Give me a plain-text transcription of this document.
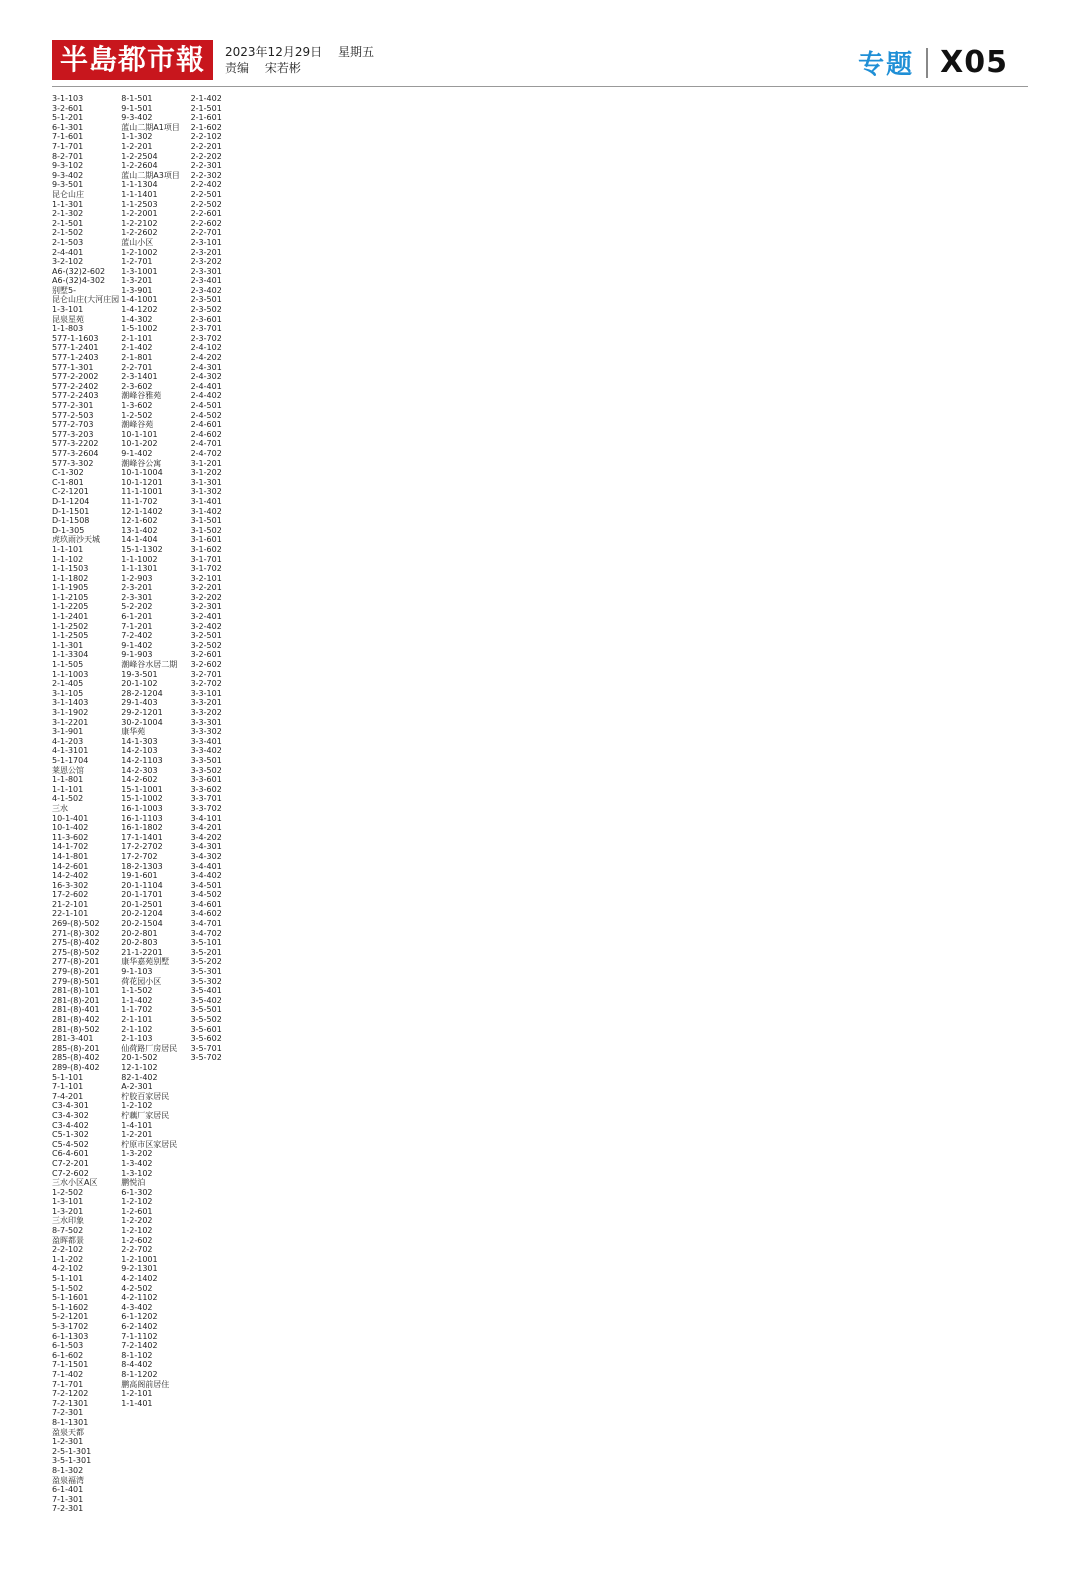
半島都市報	2023年12月29日 星期五
责编 宋若彬	专题 X05
3-1-103
3-2-601
5-1-201
6-1-301
7-1-601
7-1-701
8-2-701
9-3-102
9-3-402
9-3-501
昆仑山庄
1-1-301
2-1-302
2-1-501
2-1-502
2-1-503
2-4-401
3-2-102
A6-(32)2-602
A6-(32)4-302
别墅5-
昆仑山庄(大河庄园
1-3-101
昆泉星苑
1-1-803
577-1-1603
577-1-2401
577-1-2403
577-1-301
577-2-2002
577-2-2402
577-2-2403
577-2-301
577-2-503
577-2-703
577-3-203
577-3-2202
577-3-2604
577-3-302
C-1-302
C-1-801
C-2-1201
D-1-1204
D-1-1501
D-1-1508
D-1-305
虎玖雨沙天城
1-1-101
1-1-102
1-1-1503
1-1-1802
1-1-1905
1-1-2105
1-1-2205
1-1-2401
1-1-2502
1-1-2505
1-1-301
1-1-3304
1-1-505
1-1-1003
2-1-405
3-1-105
3-1-1403
3-1-1902
3-1-2201
3-1-901
4-1-203
4-1-3101
5-1-1704
莱恩公馆
1-1-801
1-1-101
4-1-502
三水
10-1-401
10-1-402
11-3-602
14-1-702
14-1-801
14-2-601
14-2-402
16-3-302
17-2-602
21-2-101
22-1-101
269-(8)-502
271-(8)-302
275-(8)-402
275-(8)-502
277-(8)-201
279-(8)-201
279-(8)-501
281-(8)-101
281-(8)-201
281-(8)-401
281-(8)-402
281-(8)-502
281-3-401
285-(8)-201
285-(8)-402
289-(8)-402
5-1-101
7-1-101
7-4-201
C3-4-301
C3-4-302
C3-4-402
C5-1-302
C5-4-502
C6-4-601
C7-2-201
C7-2-602
三水小区A区
1-2-502
1-3-101
1-3-201
三水印象
8-7-502
盈晖都景
2-2-102
1-1-202
4-2-102
5-1-101
5-1-502
5-1-1601
5-1-1602
5-2-1201
5-3-1702
6-1-1303
6-1-503
6-1-602
7-1-1501
7-1-402
7-1-701
7-2-1202
7-2-1301
7-2-301
8-1-1301
盈泉天都
1-2-301
2-5-1-301
3-5-1-301
8-1-302
盈泉福湾
6-1-401
7-1-301
7-2-301
8-1-501
9-1-501
9-3-402
蓝山二期A1项目
1-1-302
1-2-201
1-2-2504
1-2-2604
蓝山二期A3项目
1-1-1304
1-1-1401
1-1-2503
1-2-2001
1-2-2102
1-2-2602
蓝山小区
1-2-1002
1-2-701
1-3-1001
1-3-201
1-3-901
1-4-1001
1-4-1202
1-4-302
1-5-1002
2-1-101
2-1-402
2-1-801
2-2-701
2-3-1401
2-3-602
潮峰谷雅苑
1-3-602
1-2-502
潮峰谷苑
10-1-101
10-1-202
9-1-402
潮峰谷公寓
10-1-1004
10-1-1201
11-1-1001
11-1-702
12-1-1402
12-1-602
13-1-402
14-1-404
15-1-1302
1-1-1002
1-1-1301
1-2-903
2-3-201
2-3-301
5-2-202
6-1-201
7-1-201
7-2-402
9-1-402
9-1-903
潮峰谷水居二期
19-3-501
20-1-102
28-2-1204
29-1-403
29-2-1201
30-2-1004
康华苑
14-1-303
14-2-103
14-2-1103
14-2-303
14-2-602
15-1-1001
15-1-1002
16-1-1003
16-1-1103
16-1-1802
17-1-1401
17-2-2702
17-2-702
18-2-1303
19-1-601
20-1-1104
20-1-1701
20-1-2501
20-2-1204
20-2-1504
20-2-801
20-2-803
21-1-2201
康华嘉苑别墅
9-1-103
荷花园小区
1-1-502
1-1-402
1-1-702
2-1-101
2-1-102
2-1-103
仙荷路厂房居民
20-1-502
12-1-102
82-1-402
A-2-301
柠胶百家居民
1-2-102
柠藕厂家居民
1-4-101
1-2-201
柠原市区家居民
1-3-202
1-3-402
1-3-102
鹏悦泊
6-1-302
1-2-102
1-2-601
1-2-202
1-2-102
1-2-602
2-2-702
1-2-1001
9-2-1301
4-2-1402
4-2-502
4-2-1102
4-3-402
6-1-1202
6-2-1402
7-1-1102
7-2-1402
8-1-102
8-4-402
8-1-1202
鹏高阁前居住
1-2-101
1-1-401
2-1-402
2-1-501
2-1-601
2-1-602
2-2-102
2-2-201
2-2-202
2-2-301
2-2-302
2-2-402
2-2-501
2-2-502
2-2-601
2-2-602
2-2-701
2-3-101
2-3-201
2-3-202
2-3-301
2-3-401
2-3-402
2-3-501
2-3-502
2-3-601
2-3-701
2-3-702
2-4-102
2-4-202
2-4-301
2-4-302
2-4-401
2-4-402
2-4-501
2-4-502
2-4-601
2-4-602
2-4-701
2-4-702
3-1-201
3-1-202
3-1-301
3-1-302
3-1-401
3-1-402
3-1-501
3-1-502
3-1-601
3-1-602
3-1-701
3-1-702
3-2-101
3-2-201
3-2-202
3-2-301
3-2-401
3-2-402
3-2-501
3-2-502
3-2-601
3-2-602
3-2-701
3-2-702
3-3-101
3-3-201
3-3-202
3-3-301
3-3-302
3-3-401
3-3-402
3-3-501
3-3-502
3-3-601
3-3-602
3-3-701
3-3-702
3-4-101
3-4-201
3-4-202
3-4-301
3-4-302
3-4-401
3-4-402
3-4-501
3-4-502
3-4-601
3-4-602
3-4-701
3-4-702
3-5-101
3-5-201
3-5-202
3-5-301
3-5-302
3-5-401
3-5-402
3-5-501
3-5-502
3-5-601
3-5-602
3-5-701
3-5-702
